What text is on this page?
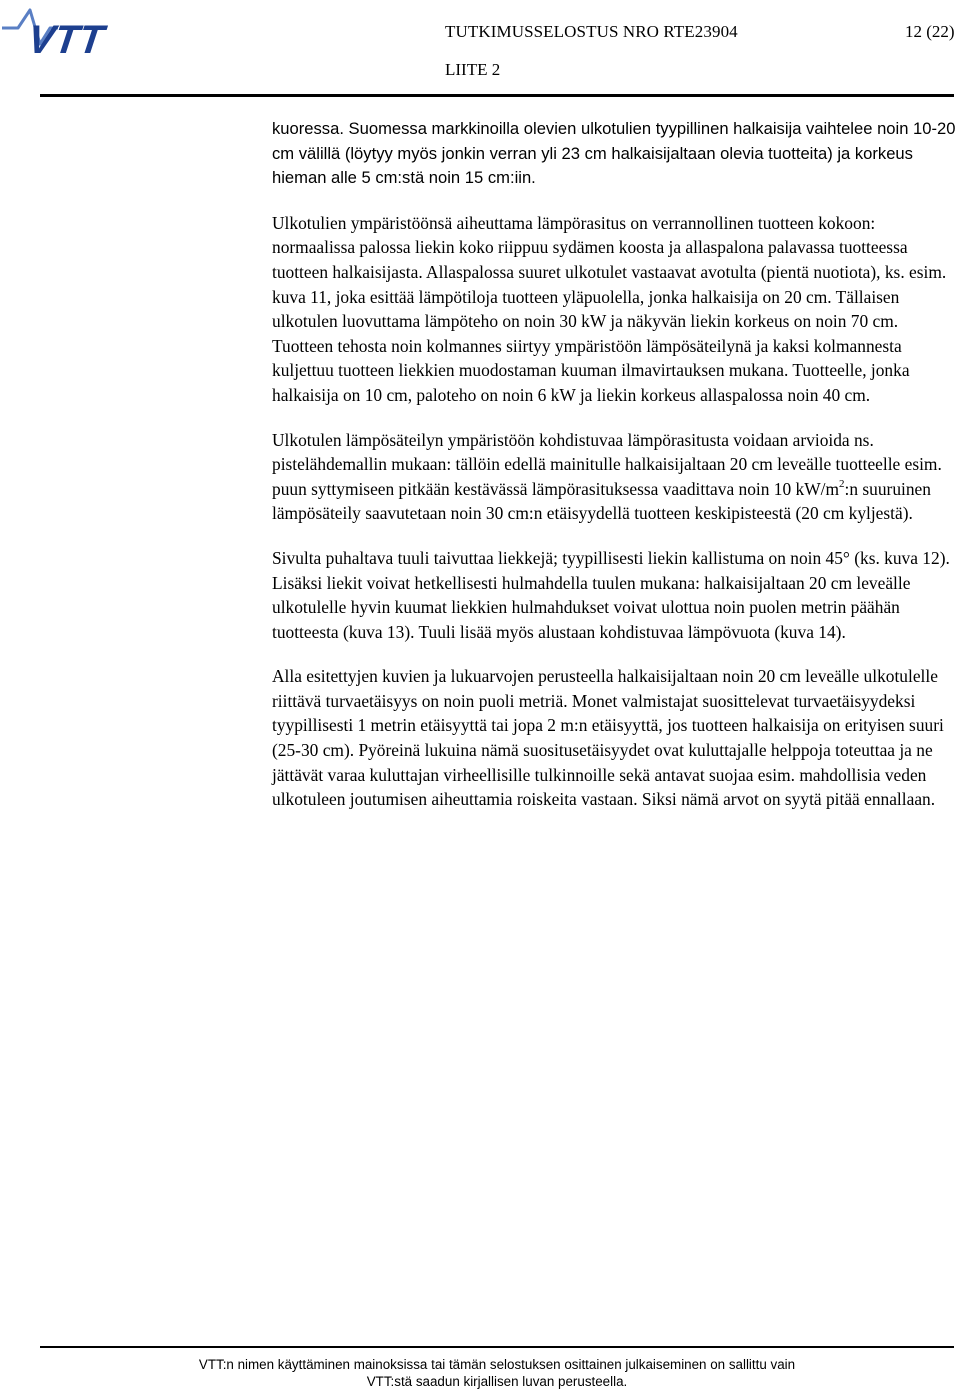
VTT	TUTKIMUSSELOSTUS NRO RTE23904	12 (22)
LIITE 2

kuoressa. Suomessa markkinoilla olevien ulkotulien tyypillinen halkaisija vaihtelee noin 10-20 cm välillä (löytyy myös jonkin verran yli 23 cm halkaisijaltaan olevia tuotteita) ja korkeus hieman alle 5 cm:stä noin 15 cm:iin.

Ulkotulien ympäristöönsä aiheuttama lämpörasitus on verrannollinen tuotteen kokoon: normaalissa palossa liekin koko riippuu sydämen koosta ja allaspalona palavassa tuotteessa tuotteen halkaisijasta. Allaspalossa suuret ulkotulet vastaavat avotulta (pientä nuotiota), ks. esim. kuva 11, joka esittää lämpötiloja tuotteen yläpuolella, jonka halkaisija on 20 cm. Tällaisen ulkotulen luovuttama lämpöteho on noin 30 kW ja näkyvän liekin korkeus on noin 70 cm. Tuotteen tehosta noin kolmannes siirtyy ympäristöön lämpösäteilynä ja kaksi kolmannesta kuljettuu tuotteen liekkien muodostaman kuuman ilmavirtauksen mukana. Tuotteelle, jonka halkaisija on 10 cm, paloteho on noin 6 kW ja liekin korkeus allaspalossa noin 40 cm.

Ulkotulen lämpösäteilyn ympäristöön kohdistuvaa lämpörasitusta voidaan arvioida ns. pistelähdemallin mukaan: tällöin edellä mainitulle halkaisijaltaan 20 cm leveälle tuotteelle esim. puun syttymiseen pitkään kestävässä lämpörasituksessa vaadittava noin 10 $kW/m^2:n$ suuruinen lämpösäteily saavutetaan noin 30 cm:n etäisyydellä tuotteen keskipisteestä (20 cm kyljestä).

Sivulta puhaltava tuuli taivuttaa liekkejä; tyypillisesti liekin kallistuma on noin 45° (ks. kuva 12). Lisäksi liekit voivat hetkellisesti hulmahdella tuulen mukana: halkaisijaltaan 20 cm leveälle ulkotulelle hyvin kuumat liekkien hulmahdukset voivat ulottua noin puolen metrin päähän tuotteesta (kuva 13). Tuuli lisää myös alustaan kohdistuvaa lämpövuota (kuva 14).

Alla esitettyjen kuvien ja lukuarvojen perusteella halkaisijaltaan noin 20 cm leveälle ulkotulelle riittävä turvaetäisyys on noin puoli metriä. Monet valmistajat suosittelevat turvaetäisyydeksi tyypillisesti 1 metrin etäisyyttä tai jopa 2 m:n etäisyyttä, jos tuotteen halkaisija on erityisen suuri (25-30 cm). Pyöreinä lukuina nämä suositusetäisyydet ovat kuluttajalle helppoja toteuttaa ja ne jättävät varaa kuluttajan virheellisille tulkinnoille sekä antavat suojaa esim. mahdollisia veden ulkotuleen joutumisen aiheuttamia roiskeita vastaan. Siksi nämä arvot on syytä pitää ennallaan.

VTT:n nimen käyttäminen mainoksissa tai tämän selostuksen osittainen julkaiseminen on sallittu vain
VTT:stä saadun kirjallisen luvan perusteella.
